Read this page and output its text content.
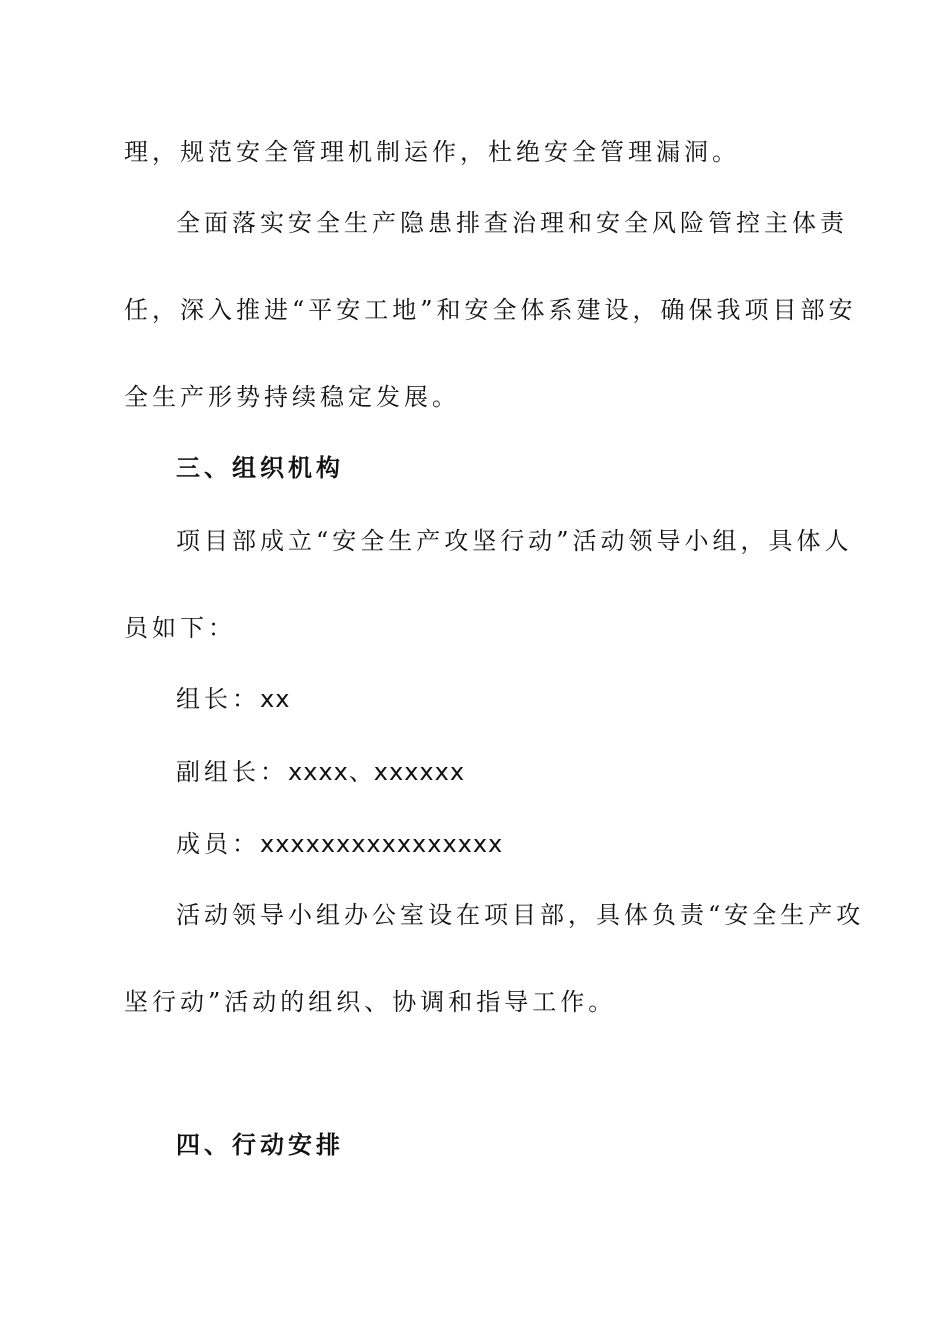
理，规范安全管理机制运作，杜绝安全管理漏洞。
全面落实安全生产隐患排查治理和安全风险管控主体责
任，深入推进“平安工地”和安全体系建设，确保我项目部安
全生产形势持续稳定发展。
三、组织机构
项目部成立“安全生产攻坚行动”活动领导小组，具体人
员如下：
组长：xx
副组长：xxxx、xxxxxx
成员：xxxxxxxxxxxxxxxx
活动领导小组办公室设在项目部，具体负责“安全生产攻
坚行动”活动的组织、协调和指导工作。
四、行动安排
